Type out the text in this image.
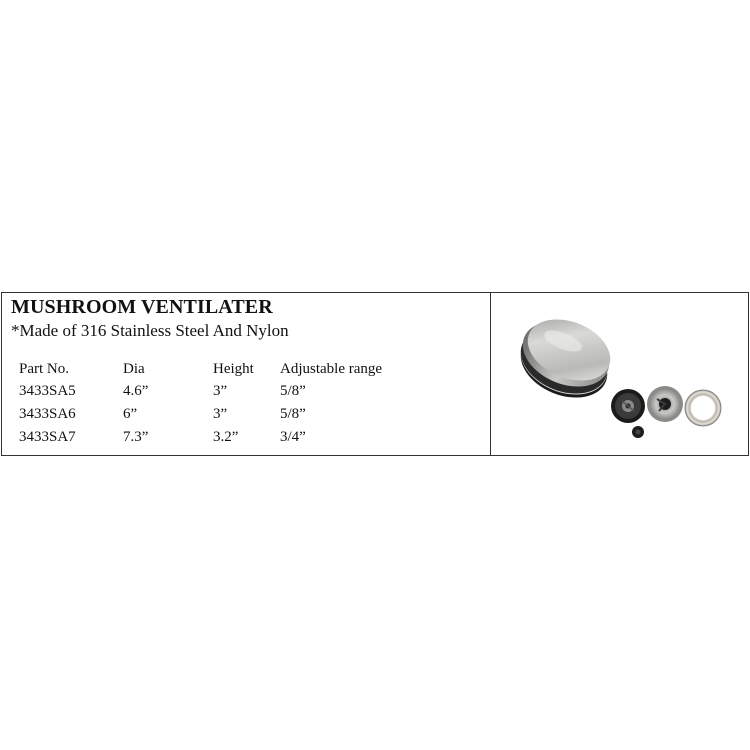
MUSHROOM VENTILATER
*Made of 316 Stainless Steel And Nylon
Part No.	Dia	Height	Adjustable range
3433SA5	4.6”	3”	5/8”
3433SA6	6”	3”	5/8”
3433SA7	7.3”	3.2”	3/4”
